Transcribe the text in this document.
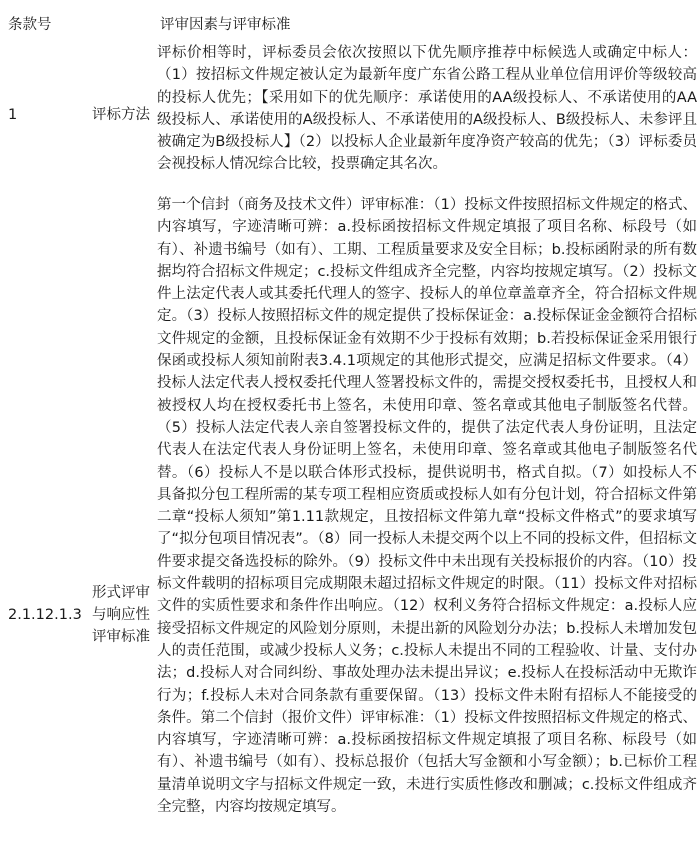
条款号	评审因素与评审标准
1	评标方法

评标价相等时，评标委员会依次按照以下优先顺序推荐中标候选人或确定中标人：（1）按招标文件规定被认定为最新年度广东省公路工程从业单位信用评价等级较高的投标人优先；【采用如下的优先顺序：承诺使用的AA级投标人、不承诺使用的AA级投标人、承诺使用的A级投标人、不承诺使用的A级投标人、B级投标人、未参评且被确定为B级投标人】（2）以投标人企业最新年度净资产较高的优先；（3）评标委员会视投标人情况综合比较，投票确定其名次。

2.1.12.1.3
形式评审与响应性评审标准

第一个信封（商务及技术文件）评审标准：（1）投标文件按照招标文件规定的格式、内容填写，字迹清晰可辨：a.投标函按招标文件规定填报了项目名称、标段号（如有）、补遗书编号（如有）、工期、工程质量要求及安全目标；b.投标函附录的所有数据均符合招标文件规定；c.投标文件组成齐全完整，内容均按规定填写。（2）投标文件上法定代表人或其委托代理人的签字、投标人的单位章盖章齐全，符合招标文件规定。（3）投标人按照招标文件的规定提供了投标保证金：a.投标保证金金额符合招标文件规定的金额，且投标保证金有效期不少于投标有效期；b.若投标保证金采用银行保函或投标人须知前附表3.4.1项规定的其他形式提交，应满足招标文件要求。（4）投标人法定代表人授权委托代理人签署投标文件的，需提交授权委托书，且授权人和被授权人均在授权委托书上签名，未使用印章、签名章或其他电子制版签名代替。（5）投标人法定代表人亲自签署投标文件的，提供了法定代表人身份证明，且法定代表人在法定代表人身份证明上签名，未使用印章、签名章或其他电子制版签名代替。（6）投标人不是以联合体形式投标，提供说明书，格式自拟。（7）如投标人不具备拟分包工程所需的某专项工程相应资质或投标人如有分包计划，符合招标文件第二章“投标人须知”第1.11款规定，且按招标文件第九章“投标文件格式”的要求填写了“拟分包项目情况表”。（8）同一投标人未提交两个以上不同的投标文件，但招标文件要求提交备选投标的除外。（9）投标文件中未出现有关投标报价的内容。（10）投标文件载明的招标项目完成期限未超过招标文件规定的时限。（11）投标文件对招标文件的实质性要求和条件作出响应。（12）权利义务符合招标文件规定：a.投标人应接受招标文件规定的风险划分原则，未提出新的风险划分办法；b.投标人未增加发包人的责任范围，或减少投标人义务；c.投标人未提出不同的工程验收、计量、支付办法；d.投标人对合同纠纷、事故处理办法未提出异议；e.投标人在投标活动中无欺诈行为；f.投标人未对合同条款有重要保留。（13）投标文件未附有招标人不能接受的条件。第二个信封（报价文件）评审标准：（1）投标文件按照招标文件规定的格式、内容填写，字迹清晰可辨：a.投标函按招标文件规定填报了项目名称、标段号（如有）、补遗书编号（如有）、投标总报价（包括大写金额和小写金额）；b.已标价工程量清单说明文字与招标文件规定一致，未进行实质性修改和删减；c.投标文件组成齐全完整，内容均按规定填写。
